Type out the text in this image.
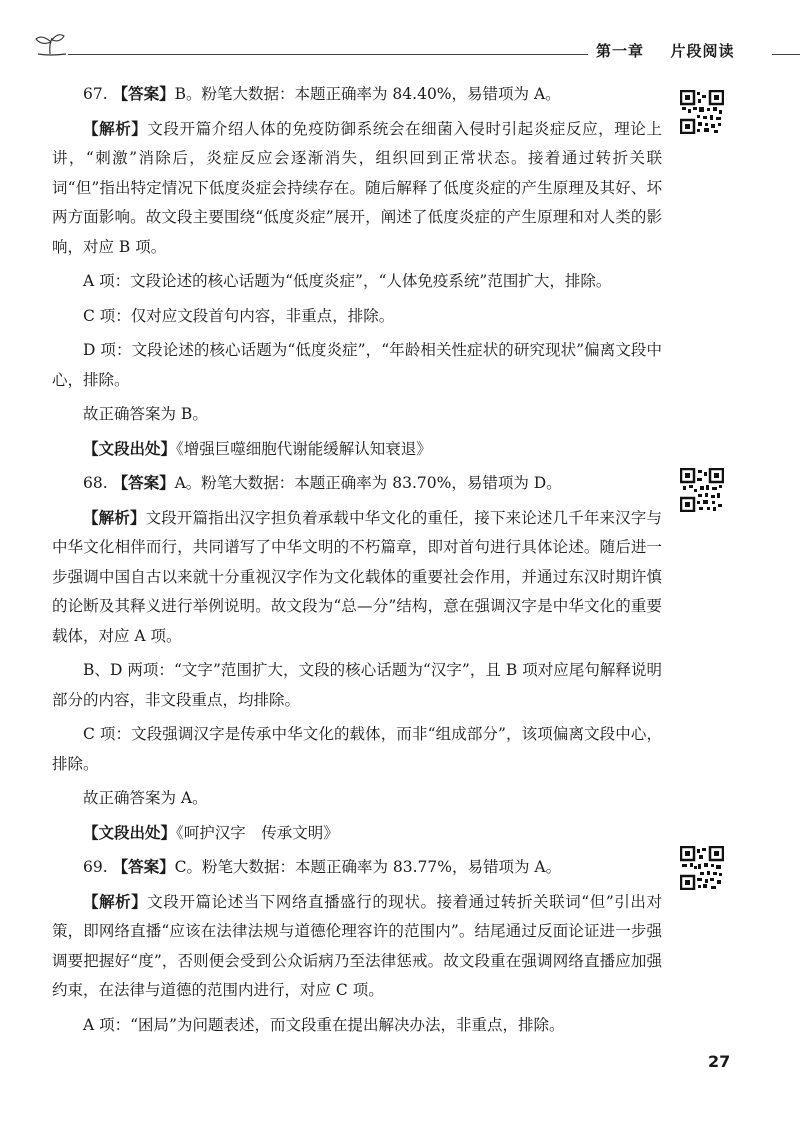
第一章 片段阅读

67. 【答案】B。粉笔大数据：本题正确率为 84.40%，易错项为 A。

【解析】文段开篇介绍人体的免疫防御系统会在细菌入侵时引起炎症反应，理论上讲，“刺激”消除后，炎症反应会逐渐消失，组织回到正常状态。接着通过转折关联词“但”指出特定情况下低度炎症会持续存在。随后解释了低度炎症的产生原理及其好、坏两方面影响。故文段主要围绕“低度炎症”展开，阐述了低度炎症的产生原理和对人类的影响，对应 B 项。

A 项：文段论述的核心话题为“低度炎症”，“人体免疫系统”范围扩大，排除。

C 项：仅对应文段首句内容，非重点，排除。

D 项：文段论述的核心话题为“低度炎症”，“年龄相关性症状的研究现状”偏离文段中心，排除。

故正确答案为 B。

【文段出处】《增强巨噬细胞代谢能缓解认知衰退》

68. 【答案】A。粉笔大数据：本题正确率为 83.70%，易错项为 D。

【解析】文段开篇指出汉字担负着承载中华文化的重任，接下来论述几千年来汉字与中华文化相伴而行，共同谱写了中华文明的不朽篇章，即对首句进行具体论述。随后进一步强调中国自古以来就十分重视汉字作为文化载体的重要社会作用，并通过东汉时期许慎的论断及其释义进行举例说明。故文段为“总—分”结构，意在强调汉字是中华文化的重要载体，对应 A 项。

B、D 两项：“文字”范围扩大，文段的核心话题为“汉字”，且 B 项对应尾句解释说明部分的内容，非文段重点，均排除。

C 项：文段强调汉字是传承中华文化的载体，而非“组成部分”，该项偏离文段中心，排除。

故正确答案为 A。

【文段出处】《呵护汉字　传承文明》

69. 【答案】C。粉笔大数据：本题正确率为 83.77%，易错项为 A。

【解析】文段开篇论述当下网络直播盛行的现状。接着通过转折关联词“但”引出对策，即网络直播“应该在法律法规与道德伦理容许的范围内”。结尾通过反面论证进一步强调要把握好“度”，否则便会受到公众诟病乃至法律惩戒。故文段重在强调网络直播应加强约束，在法律与道德的范围内进行，对应 C 项。

A 项：“困局”为问题表述，而文段重在提出解决办法，非重点，排除。

27
